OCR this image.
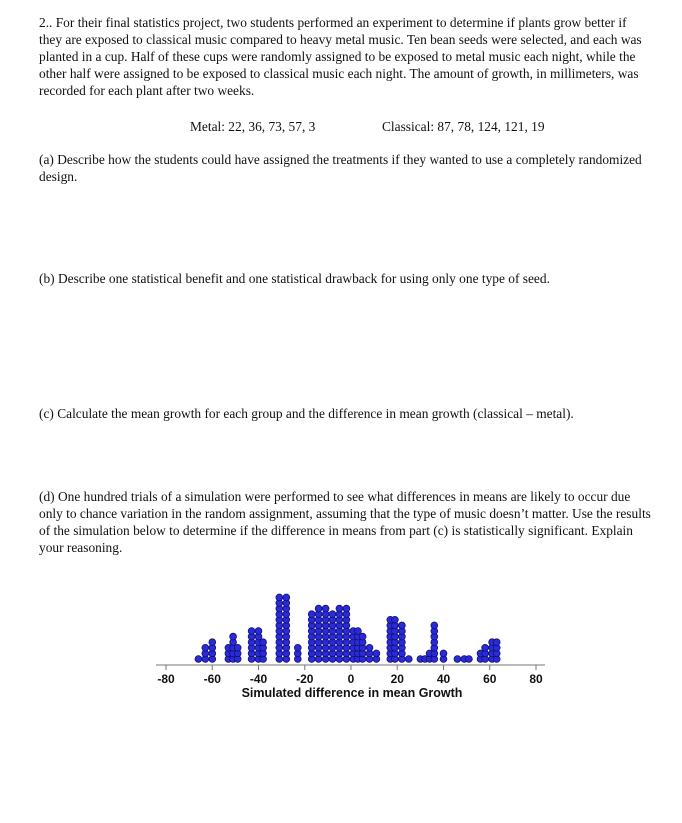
2.. For their final statistics project, two students performed an experiment to determine if plants grow better if they are exposed to classical music compared to heavy metal music. Ten bean seeds were selected, and each was planted in a cup. Half of these cups were randomly assigned to be exposed to metal music each night, while the other half were assigned to be exposed to classical music each night. The amount of growth, in millimeters, was recorded for each plant after two weeks.

Metal: 22, 36, 73, 57, 3	Classical: 87, 78, 124, 121, 19

(a) Describe how the students could have assigned the treatments if they wanted to use a completely randomized design.

(b) Describe one statistical benefit and one statistical drawback for using only one type of seed.

(c) Calculate the mean growth for each group and the difference in mean growth (classical – metal).

(d) One hundred trials of a simulation were performed to see what differences in means are likely to occur due only to chance variation in the random assignment, assuming that the type of music doesn’t matter. Use the results of the simulation below to determine if the difference in means from part (c) is statistically significant. Explain your reasoning.

-80 -60 -40 -20	0	20	40	60	80
Simulated difference in mean Growth
